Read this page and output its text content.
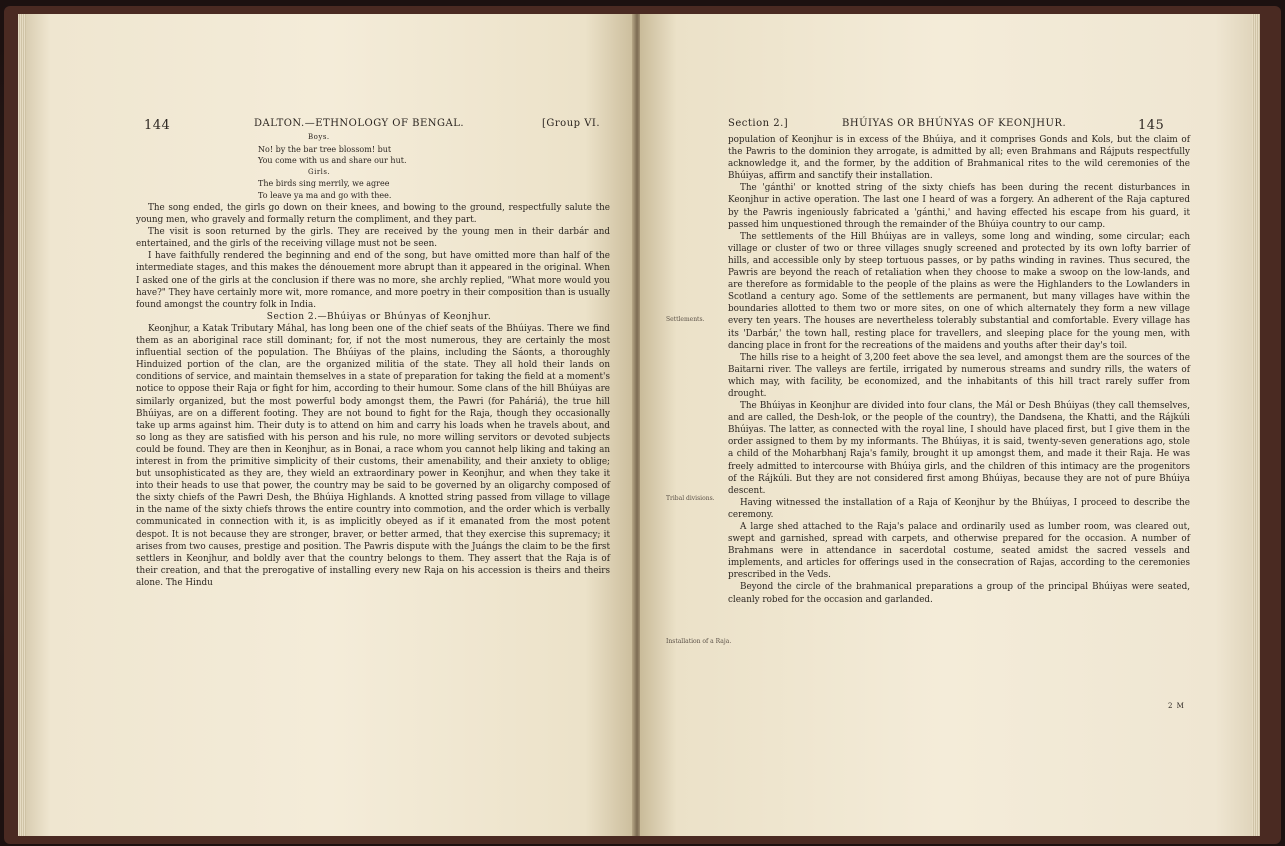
144	DALTON.—ETHNOLOGY OF BENGAL.	[Group VI.
Boys.
No! by the bar tree blossom! but
You come with us and share our hut.
Girls.
The birds sing merrily, we agree
To leave ya ma and go with thee.

The song ended, the girls go down on their knees, and bowing to the ground, respectfully salute the young men, who gravely and formally return the compliment, and they part.

The visit is soon returned by the girls. They are received by the young men in their darbár and entertained, and the girls of the receiving village must not be seen.

I have faithfully rendered the beginning and end of the song, but have omitted more than half of the intermediate stages, and this makes the dénouement more abrupt than it appeared in the original. When I asked one of the girls at the conclusion if there was no more, she archly replied, "What more would you have?" They have certainly more wit, more romance, and more poetry in their composition than is usually found amongst the country folk in India.

Section 2.—Bhúiyas or Bhúnyas of Keonjhur.

Keonjhur, a Katak Tributary Máhal, has long been one of the chief seats of the Bhúiyas. There we find them as an aboriginal race still dominant; for, if not the most numerous, they are certainly the most influential section of the population. The Bhúiyas of the plains, including the Sáonts, a thoroughly Hinduized portion of the clan, are the organized militia of the state. They all hold their lands on conditions of service, and maintain themselves in a state of preparation for taking the field at a moment's notice to oppose their Raja or fight for him, according to their humour. Some clans of the hill Bhúiyas are similarly organized, but the most powerful body amongst them, the Pawri (for Paháriá), the true hill Bhúiyas, are on a different footing. They are not bound to fight for the Raja, though they occasionally take up arms against him. Their duty is to attend on him and carry his loads when he travels about, and so long as they are satisfied with his person and his rule, no more willing servitors or devoted subjects could be found. They are then in Keonjhur, as in Bonai, a race whom you cannot help liking and taking an interest in from the primitive simplicity of their customs, their amenability, and their anxiety to oblige; but unsophisticated as they are, they wield an extraordinary power in Keonjhur, and when they take it into their heads to use that power, the country may be said to be governed by an oligarchy composed of the sixty chiefs of the Pawri Desh, the Bhúiya Highlands. A knotted string passed from village to village in the name of the sixty chiefs throws the entire country into commotion, and the order which is verbally communicated in connection with it, is as implicitly obeyed as if it emanated from the most potent despot. It is not because they are stronger, braver, or better armed, that they exercise this supremacy; it arises from two causes, prestige and position. The Pawris dispute with the Juángs the claim to be the first settlers in Keonjhur, and boldly aver that the country belongs to them. They assert that the Raja is of their creation, and that the prerogative of installing every new Raja on his accession is theirs and theirs alone. The Hindu

Section 2.]	BHÚIYAS OR BHÚNYAS OF KEONJHUR.	145
Settlements.
Tribal divisions.
Installation of a Raja.

population of Keonjhur is in excess of the Bhúiya, and it comprises Gonds and Kols, but the claim of the Pawris to the dominion they arrogate, is admitted by all; even Brahmans and Rájputs respectfully acknowledge it, and the former, by the addition of Brahmanical rites to the wild ceremonies of the Bhúiyas, affirm and sanctify their installation.

The 'gánthi' or knotted string of the sixty chiefs has been during the recent disturbances in Keonjhur in active operation. The last one I heard of was a forgery. An adherent of the Raja captured by the Pawris ingeniously fabricated a 'gánthi,' and having effected his escape from his guard, it passed him unquestioned through the remainder of the Bhúiya country to our camp.

The settlements of the Hill Bhúiyas are in valleys, some long and winding, some circular; each village or cluster of two or three villages snugly screened and protected by its own lofty barrier of hills, and accessible only by steep tortuous passes, or by paths winding in ravines. Thus secured, the Pawris are beyond the reach of retaliation when they choose to make a swoop on the low-lands, and are therefore as formidable to the people of the plains as were the Highlanders to the Lowlanders in Scotland a century ago. Some of the settlements are permanent, but many villages have within the boundaries allotted to them two or more sites, on one of which alternately they form a new village every ten years. The houses are nevertheless tolerably substantial and comfortable. Every village has its 'Darbár,' the town hall, resting place for travellers, and sleeping place for the young men, with dancing place in front for the recreations of the maidens and youths after their day's toil.

The hills rise to a height of 3,200 feet above the sea level, and amongst them are the sources of the Baitarni river. The valleys are fertile, irrigated by numerous streams and sundry rills, the waters of which may, with facility, be economized, and the inhabitants of this hill tract rarely suffer from drought.

The Bhúiyas in Keonjhur are divided into four clans, the Mál or Desh Bhúiyas (they call themselves, and are called, the Desh-lok, or the people of the country), the Dandsena, the Khatti, and the Rájkúli Bhúiyas. The latter, as connected with the royal line, I should have placed first, but I give them in the order assigned to them by my informants. The Bhúiyas, it is said, twenty-seven generations ago, stole a child of the Moharbhanj Raja's family, brought it up amongst them, and made it their Raja. He was freely admitted to intercourse with Bhúiya girls, and the children of this intimacy are the progenitors of the Rájkúli. But they are not considered first among Bhúiyas, because they are not of pure Bhúiya descent.

Having witnessed the installation of a Raja of Keonjhur by the Bhúiyas, I proceed to describe the ceremony.

A large shed attached to the Raja's palace and ordinarily used as lumber room, was cleared out, swept and garnished, spread with carpets, and otherwise prepared for the occasion. A number of Brahmans were in attendance in sacerdotal costume, seated amidst the sacred vessels and implements, and articles for offerings used in the consecration of Rajas, according to the ceremonies prescribed in the Veds.

Beyond the circle of the brahmanical preparations a group of the principal Bhúiyas were seated, cleanly robed for the occasion and garlanded.

2 M
